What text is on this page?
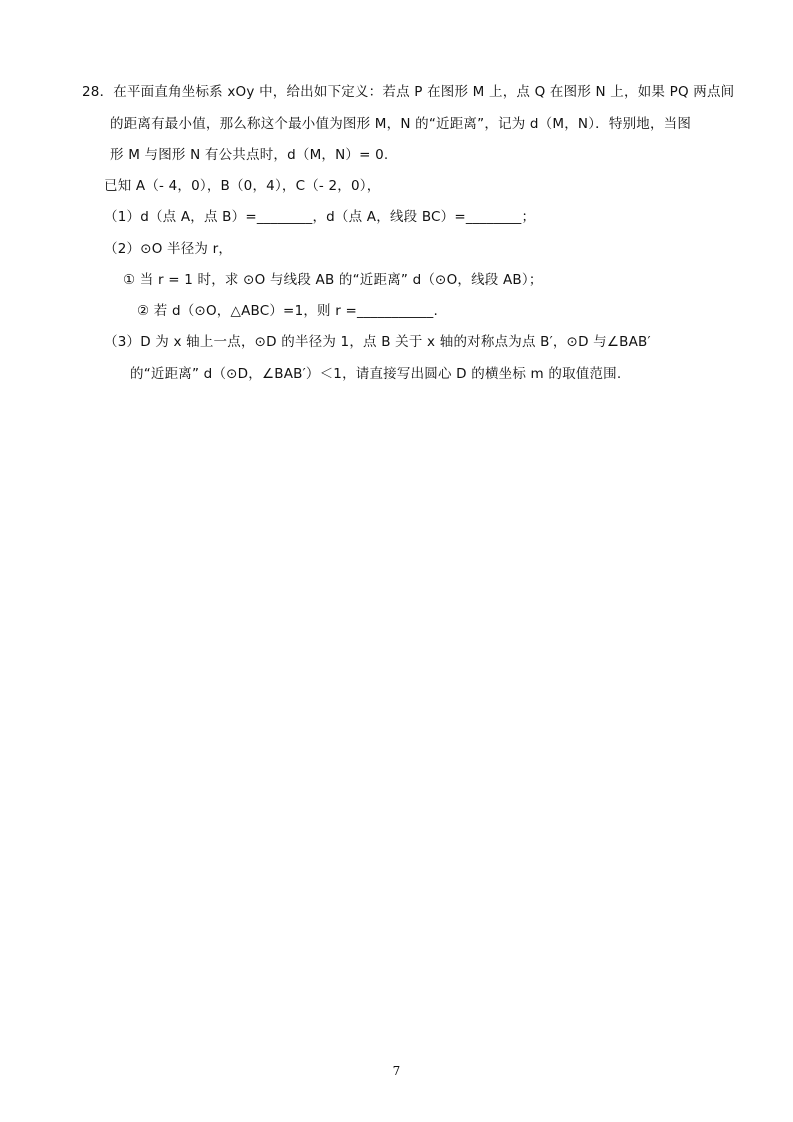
28．在平面直角坐标系 xOy 中，给出如下定义：若点 P 在图形 M 上，点 Q 在图形 N 上，如果 PQ 两点间
的距离有最小值，那么称这个最小值为图形 M，N 的“近距离”，记为 d（M，N）．特别地，当图
形 M 与图形 N 有公共点时，d（M，N）= 0.
已知 A（- 4，0），B（0，4），C（- 2，0），
（1）d（点 A，点 B）=________，d（点 A，线段 BC）=________；
（2）⊙O 半径为 r，
① 当 r = 1 时，求 ⊙O 与线段 AB 的“近距离” d（⊙O，线段 AB）；
② 若 d（⊙O，△ABC）=1，则 r =___________.
（3）D 为 x 轴上一点，⊙D 的半径为 1，点 B 关于 x 轴的对称点为点 B′，⊙D 与∠BAB′
的“近距离” d（⊙D，∠BAB′）＜1，请直接写出圆心 D 的横坐标 m 的取值范围.
7
